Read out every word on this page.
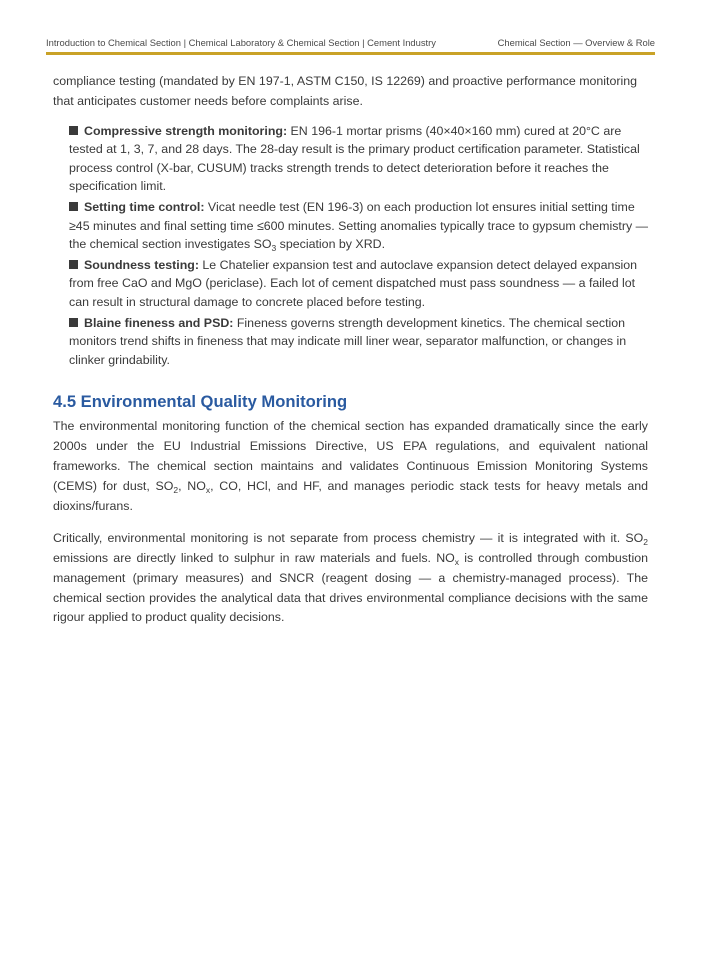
Introduction to Chemical Section | Chemical Laboratory & Chemical Section | Cement Industry	Chemical Section — Overview & Role

compliance testing (mandated by EN 197-1, ASTM C150, IS 12269) and proactive performance monitoring that anticipates customer needs before complaints arise.

Compressive strength monitoring: EN 196-1 mortar prisms (40×40×160 mm) cured at 20°C are tested at 1, 3, 7, and 28 days. The 28-day result is the primary product certification parameter. Statistical process control (X-bar, CUSUM) tracks strength trends to detect deterioration before it reaches the specification limit.
Setting time control: Vicat needle test (EN 196-3) on each production lot ensures initial setting time ≥45 minutes and final setting time ≤600 minutes. Setting anomalies typically trace to gypsum chemistry — the chemical section investigates $SO_3$ speciation by XRD.
Soundness testing: Le Chatelier expansion test and autoclave expansion detect delayed expansion from free CaO and MgO (periclase). Each lot of cement dispatched must pass soundness — a failed lot can result in structural damage to concrete placed before testing.
Blaine fineness and PSD: Fineness governs strength development kinetics. The chemical section monitors trend shifts in fineness that may indicate mill liner wear, separator malfunction, or changes in clinker grindability.
4.5 Environmental Quality Monitoring

The environmental monitoring function of the chemical section has expanded dramatically since the early 2000s under the EU Industrial Emissions Directive, US EPA regulations, and equivalent national frameworks. The chemical section maintains and validates Continuous Emission Monitoring Systems (CEMS) for dust, $SO_2$, $NO_x$, CO, HCl, and HF, and manages periodic stack tests for heavy metals and dioxins/furans.

Critically, environmental monitoring is not separate from process chemistry — it is integrated with it. $SO_2$ emissions are directly linked to sulphur in raw materials and fuels. $NO_x$ is controlled through combustion management (primary measures) and SNCR (reagent dosing — a chemistry-managed process). The chemical section provides the analytical data that drives environmental compliance decisions with the same rigour applied to product quality decisions.
